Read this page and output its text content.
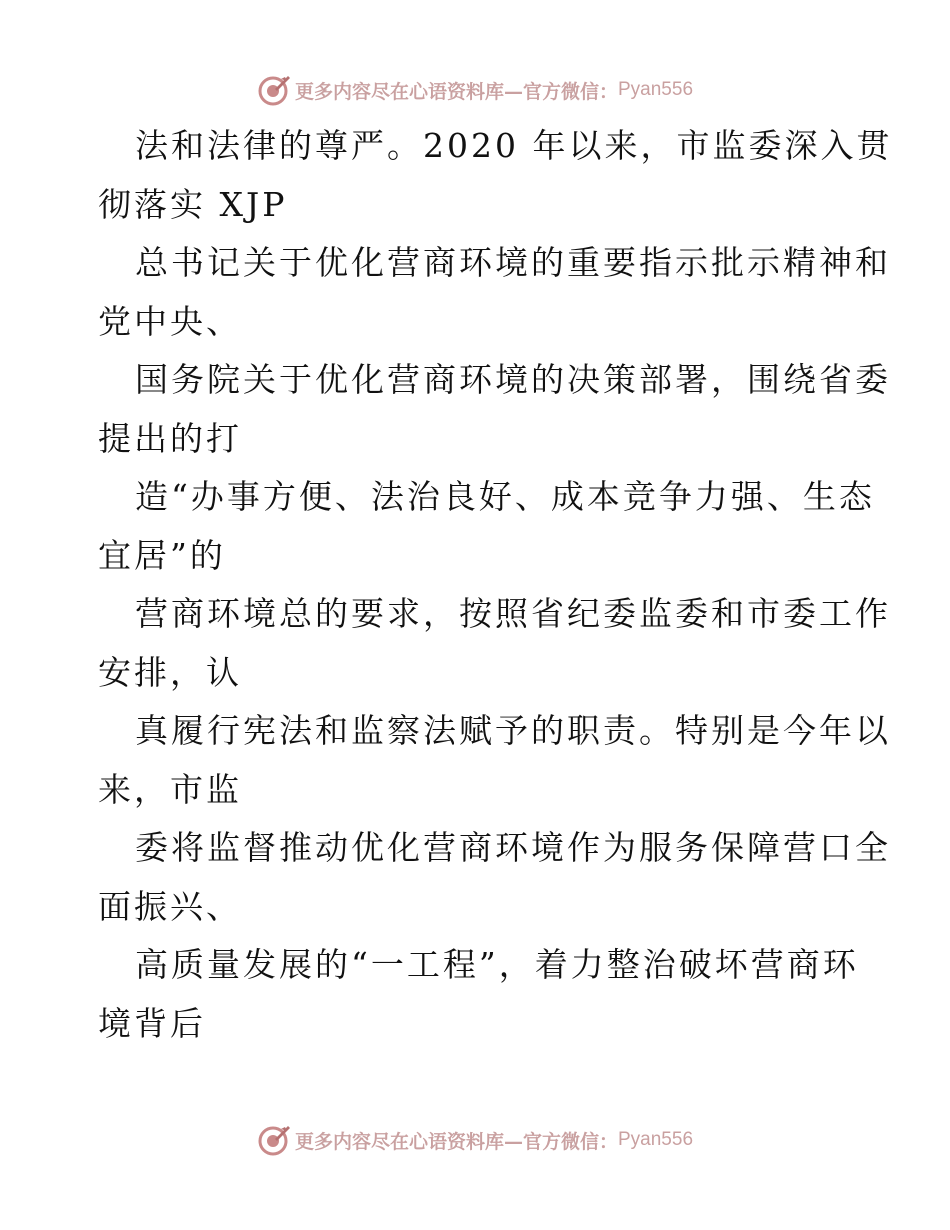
更多内容尽在心语资料库—官方微信： Pyan556
法和法律的尊严。2020 年以来，市监委深入贯
彻落实 XJP
总书记关于优化营商环境的重要指示批示精神和
党中央、
国务院关于优化营商环境的决策部署，围绕省委
提出的打
造“办事方便、法治良好、成本竞争力强、生态
宜居”的
营商环境总的要求，按照省纪委监委和市委工作
安排，认
真履行宪法和监察法赋予的职责。特别是今年以
来，市监
委将监督推动优化营商环境作为服务保障营口全
面振兴、
高质量发展的“一工程”，着力整治破坏营商环
境背后
更多内容尽在心语资料库—官方微信： Pyan556
